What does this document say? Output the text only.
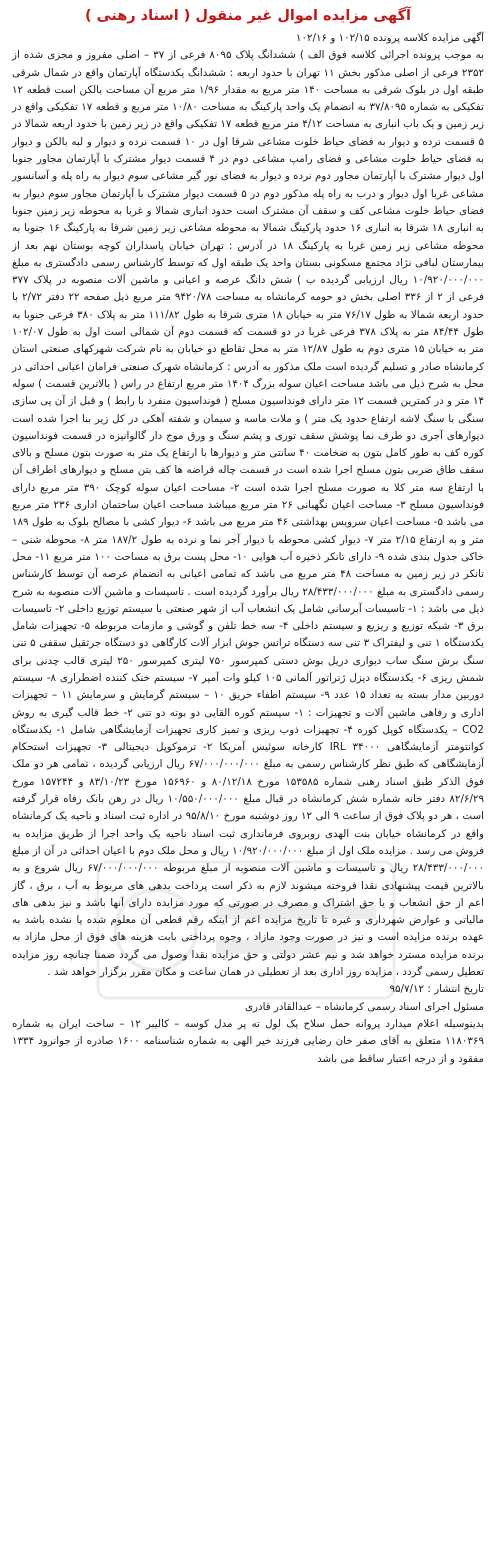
آگهی مزایده اموال غیر منقول ( اسناد رهنی )
آگهی مزایده کلاسه پرونده ۱۰۲/۱۵ و ۱۰۲/۱۶
به موجب پرونده اجرائی کلاسه فوق الف ) ششدانگ پلاک ۸۰۹۵ فرعی از ۳۷ – اصلی مفروز و مجزی شده از ۲۳۵۲ فرعی از اصلی مذکور بخش ۱۱ تهران با حدود اربعه : ششدانگ یکدستگاه آپارتمان واقع در شمال شرقی طبقه اول در بلوک شرقی به مساحت ۱۴۰ متر مربع به مقدار ۱/۹۶ متر مربع آن مساحت بالکن است قطعه ۱۲ تفکیکی به شماره ۳۷/۸۰۹۵ به انضمام یک واحد پارکینگ به مساحت ۱۰/۸۰ متر مربع و قطعه ۱۷ تفکیکی واقع در زیر زمین و یک باب انباری به مساحت ۴/۱۲ متر مربع قطعه ۱۷ تفکیکی واقع در زیر زمین با حدود اربعه شمالا در ۵ قسمت نرده و دیوار به فضای حیاط خلوت مشاعی شرقا اول در ۱۰ قسمت نرده و دیوار و لبه بالکن و دیوار به فضای حیاط خلوت مشاعی و فضای رامپ مشاعی دوم در ۴ قسمت دیوار مشترک با آپارتمان مجاور جنوبا اول دیوار مشترک با آپارتمان مجاور دوم نرده و دیوار به فضای نور گیر مشاعی سوم دیوار به راه پله و آسانسور مشاعی غربا اول دیوار و درب به راه پله مذکور دوم در ۵ قسمت دیوار مشترک با آپارتمان مجاور سوم دیوار به فضای حیاط خلوت مشاعی کف و سقف آن مشترک است حدود انباری شمالا و غربا به محوطه زیر زمین جنوبا به انباری ۱۸ شرقا به انباری ۱۶ حدود پارکینگ شمالا به محوطه مشاعی زیر زمین شرقا به پارکینگ ۱۶ جنوبا به محوطه مشاعی زیر زمین غربا به پارکینگ ۱۸ در آدرس : تهران خیابان پاسداران کوچه بوستان نهم بعد از بیمارستان لبافی نژاد مجتمع مسکونی بستان واحد یک طبقه اول که توسط کارشناس رسمی دادگستری به مبلغ ۱۰/۹۲۰/۰۰۰/۰۰۰ ریال ارزیابی گردیده ب ) شش دانگ عرصه و اعیانی و ماشین آلات منصوبه در پلاک ۳۷۷ فرعی از ۲ از ۳۳۶ اصلی بخش دو حومه کرمانشاه به مساحت ۹۴۲۰/۷۸ متر مربع ذیل صفحه ۲۲ دفتر ۲/۷۲ با حدود اربعه شمالا به طول ۷۶/۱۷ متر به خیابان ۱۸ متری شرقا به طول ۱۱۱/۸۲ متر به پلاک ۳۸۰ فرعی جنوبا به طول ۸۴/۴۴ متر به پلاک ۳۷۸ فرعی غربا در دو قسمت که قسمت دوم آن شمالی است اول به طول ۱۰۲/۰۷ متر به خیابان ۱۵ متری دوم به طول ۱۲/۸۷ متر به محل تقاطع دو خیابان به نام شرکت شهرکهای صنعتی استان کرمانشاه صادر و تسلیم گردیده است ملک مذکور به آدرس : کرمانشاه شهرک صنعتی فرامان اعیانی احداثی در محل به شرح ذیل می باشد مساحت اعیان سوله بزرگ ۱۴۰۴ متر مربع ارتفاع در راس ( بالاترین قسمت ) سوله ۱۴ متر و در کمترین قسمت ۱۲ متر دارای فونداسیون مسلح ( فونداسیون منفرد با رابط ) و قبل از آن پی سازی سنگی با سنگ لاشه ارتفاع حدود یک متر ) و ملات ماسه و سیمان و شفته آهکی در کل زیر بنا اجرا شده است دیوارهای آجری دو طرف نما پوشش سقف توری و پشم سنگ و ورق موج دار گالوانیزه در قسمت فونداسیون کوره کف به طور کامل بتون به ضخامت ۴۰ سانتی متر و دیوارها با ارتفاع یک متر به صورت بتون مسلح و بالای سقف طاق ضربی بتون مسلح اجرا شده است در قسمت چاله قراضه ها کف بتن مسلح و دیوارهای اطراف آن با ارتفاع سه متر کلا به صورت مسلح اجرا شده است ۲- مساحت اعیان سوله کوچک ۳۹۰ متر مربع دارای فونداسیون مسلح ۳- مساحت اعیان نگهبانی ۲۶ متر مربع میباشد مساحت اعیان ساختمان اداری ۲۳۶ متر مربع می باشد ۵- مساحت اعیان سرویس بهداشتی ۴۶ متر مربع می باشد ۶- دیوار کشی با مصالح بلوک به طول ۱۸۹ متر و به ارتفاع ۲/۱۵ متر ۷- دیوار کشی محوطه با دیوار آجر نما و نرده به طول ۱۸۷/۲ متر ۸- محوطه شنی – خاکی جدول بندی شده ۹- دارای تانکر ذخیره آب هوایی ۱۰- محل پست برق به مساحت ۱۰۰ متر مربع ۱۱- محل تانکر در زیر زمین به مساحت ۴۸ متر مربع می باشد که تمامی اعیانی به انضمام عرصه آن توسط کارشناس رسمی دادگستری به مبلغ ۲۸/۴۳۳/۰۰۰/۰۰۰ ریال برآورد گردیده است . تاسیسات و ماشین آلات منصوبه به شرح ذیل می باشد : ۱- تاسیسات آبرسانی شامل یک انشعاب آب از شهر صنعتی با سیستم توزیع داخلی ۲- تاسیسات برق ۳- شبکه توزیع و ریزیع و سیستم داخلی ۴- سه خط تلفن و گوشی و مازمات مربوطه ۵- تجهیزات شامل یکدستگاه ۱ تنی و لیفتراک ۳ تنی سه دستگاه ترانس جوش ابزار آلات کارگاهی دو دستگاه جرثقیل سقفی ۵ تنی سنگ برش سنگ ساب دیواری دریل بوش دستی کمپرسور ۷۵۰ لیتری کمپرسور ۲۵۰ لیتری قالب چدنی برای شمش ریزی ۶- یکدستگاه دیزل ژنراتور آلمانی ۱۰۵ کیلو وات آمپر ۷- سیستم خنک کننده اضطراری ۸- سیستم دوربین مدار بسته به تعداد ۱۵ عدد ۹- سیستم اطفاء حریق ۱۰ – سیستم گرمایش و سرمایش ۱۱ – تجهیزات اداری و رفاهی ماشین آلات و تجهیزات : ۱- سیستم کوره القایی دو بوته دو تنی ۲- خط قالب گیری به روش CO2 – یکدستگاه کوپل کوره ۴- تجهیزات ذوب ریزی و تمیز کاری تجهیزات آزمایشگاهی شامل ۱- یکدستگاه کوانتومتر آزمایشگاهی IRL ۳۴۰۰۰ کارخانه سوئیس آمریکا ۲- ترموکوپل دیجیتالی ۳- تجهیزات استحکام آزمایشگاهی که طبق نظر کارشناس رسمی به مبلغ ۶۷/۰۰۰/۰۰۰/۰۰۰ ریال ارزیابی گردیده ، تمامی هر دو ملک فوق الذکر طبق اسناد رهنی شماره ۱۵۳۵۸۵ مورخ ۸۰/۱۲/۱۸ و ۱۵۶۹۶۰ مورخ ۸۳/۱۰/۲۳ و ۱۵۷۲۴۴ مورخ ۸۲/۶/۲۹ دفتر خانه شماره شش کرمانشاه در قبال مبلغ ۱۰/۵۵۰/۰۰۰/۰۰۰ ریال در رهن بانک رفاه قرار گرفته است ، هر دو پلاک فوق از ساعت ۹ الی ۱۲ روز دوشنبه مورخ ۹۵/۸/۱۰ در اداره ثبت اسناد و ناحیه یک کرمانشاه واقع در کرمانشاه خیابان بنت الهدی روبروی فرمانداری ثبت اسناد ناحیه یک واحد اجرا از طریق مزایده به فروش می رسد . مزایده ملک اول از مبلغ ۱۰/۹۲۰/۰۰۰/۰۰۰ ریال و محل ملک دوم با اعیان احداثی در آن از مبلغ ۲۸/۴۳۳/۰۰۰/۰۰۰ ریال و تاسیسات و ماشین آلات منصوبه از مبلغ مربوطه ۶۷/۰۰۰/۰۰۰/۰۰۰ ریال شروع و به بالاترین قیمت پیشنهادی نقدا فروخته میشوند لازم به ذکر است پرداخت بدهی های مربوط به آب ، برق ، گاز اعم از حق انشعاب و یا حق اشتراک و مصرف در صورتی که مورد مزایده دارای آنها باشد و نیز بدهی های مالیاتی و عوارض شهرداری و غیره تا تاریخ مزایده اعم از اینکه رقم قطعی آن معلوم شده یا نشده باشد به عهده برنده مزایده است و نیز در صورت وجود مازاد ، وجوه پرداختی بابت هزینه های فوق از محل مازاد به برنده مزایده مسترد خواهد شد و نیم عشر دولتی و حق مزایده نقدا وصول می گردد ضمنا چنانچه روز مزایده تعطیل رسمی گردد ، مزایده روز اداری بعد از تعطیلی در همان ساعت و مکان مقرر برگزار خواهد شد .
تاریخ انتشار : ۹۵/۷/۱۲
مسئول اجرای اسناد رسمی کرمانشاه – عبدالقادر قادری
بدینوسیله اعلام میدارد پروانه حمل سلاح یک لول ته پر مدل کوسه – کالیبر ۱۲ – ساخت ایران به شماره ۱۱۸۰۳۶۹ متعلق به آقای صفر خان رضایی فرزند خیر الهی به شماره شناسنامه ۱۶۰۰ صادره از جوانرود ۱۳۳۴ مفقود و از درجه اعتبار ساقط می باشد
